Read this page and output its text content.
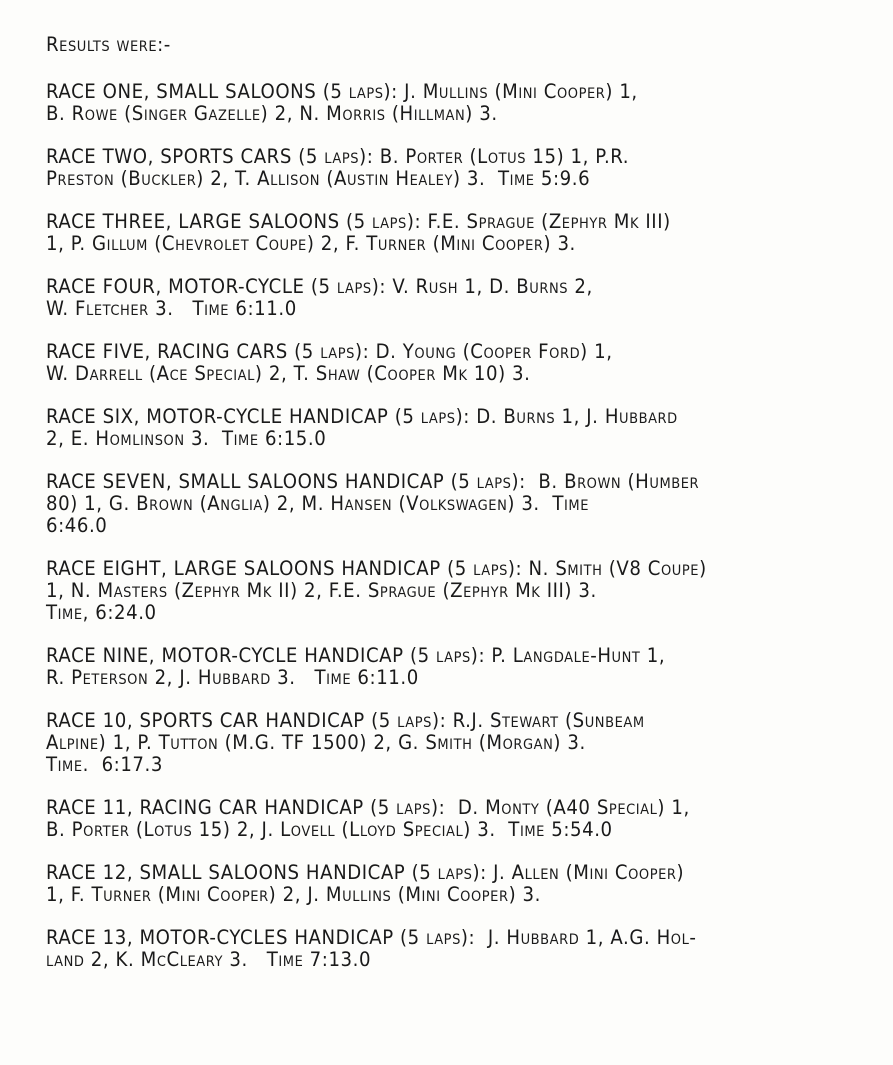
Results were:-
RACE ONE, SMALL SALOONS (5 laps): J. Mullins (Mini Cooper) 1,
B. Rowe (Singer Gazelle) 2, N. Morris (Hillman) 3.
RACE TWO, SPORTS CARS (5 laps): B. Porter (Lotus 15) 1, P.R.
Preston (Buckler) 2, T. Allison (Austin Healey) 3.  Time 5:9.6
RACE THREE, LARGE SALOONS (5 laps): F.E. Sprague (Zephyr Mk III)
1, P. Gillum (Chevrolet Coupe) 2, F. Turner (Mini Cooper) 3.
RACE FOUR, MOTOR-CYCLE (5 laps): V. Rush 1, D. Burns 2,
W. Fletcher 3.   Time 6:11.0
RACE FIVE, RACING CARS (5 laps): D. Young (Cooper Ford) 1,
W. Darrell (Ace Special) 2, T. Shaw (Cooper Mk 10) 3.
RACE SIX, MOTOR-CYCLE HANDICAP (5 laps): D. Burns 1, J. Hubbard
2, E. Homlinson 3.  Time 6:15.0
RACE SEVEN, SMALL SALOONS HANDICAP (5 laps):  B. Brown (Humber
80) 1, G. Brown (Anglia) 2, M. Hansen (Volkswagen) 3.  Time
6:46.0
RACE EIGHT, LARGE SALOONS HANDICAP (5 laps): N. Smith (V8 Coupe)
1, N. Masters (Zephyr Mk II) 2, F.E. Sprague (Zephyr Mk III) 3.
Time, 6:24.0
RACE NINE, MOTOR-CYCLE HANDICAP (5 laps): P. Langdale-Hunt 1,
R. Peterson 2, J. Hubbard 3.   Time 6:11.0
RACE 10, SPORTS CAR HANDICAP (5 laps): R.J. Stewart (Sunbeam
Alpine) 1, P. Tutton (M.G. TF 1500) 2, G. Smith (Morgan) 3.
Time.  6:17.3
RACE 11, RACING CAR HANDICAP (5 laps):  D. Monty (A40 Special) 1,
B. Porter (Lotus 15) 2, J. Lovell (Lloyd Special) 3.  Time 5:54.0
RACE 12, SMALL SALOONS HANDICAP (5 laps): J. Allen (Mini Cooper)
1, F. Turner (Mini Cooper) 2, J. Mullins (Mini Cooper) 3.
RACE 13, MOTOR-CYCLES HANDICAP (5 laps):  J. Hubbard 1, A.G. Hol-
land 2, K. McCleary 3.   Time 7:13.0
